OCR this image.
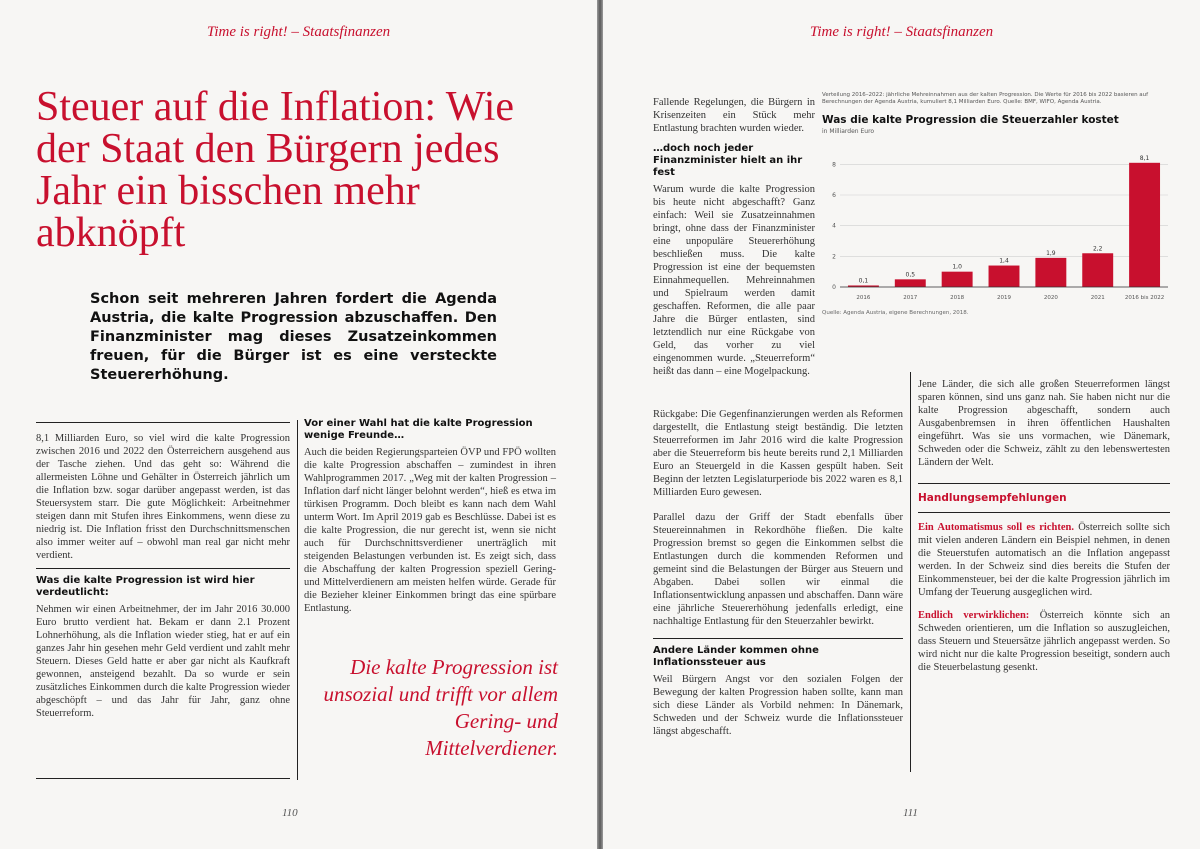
Time is right! – Staatsfinanzen
Steuer auf die Inflation: Wie der Staat den Bürgern jedes Jahr ein bisschen mehr abknöpft
Schon seit mehreren Jahren fordert die Agenda Austria, die kalte Progression abzuschaffen. Den Finanzminister mag dieses Zusatzeinkommen freuen, für die Bürger ist es eine versteckte Steuererhöhung.

8,1 Milliarden Euro, so viel wird die kalte Progression zwischen 2016 und 2022 den Österreichern ausgehend aus der Tasche ziehen. Und das geht so: Während die allermeisten Löhne und Gehälter in Österreich jährlich um die Inflation bzw. sogar darüber angepasst werden, ist das Steuersystem starr. Die gute Möglichkeit: Arbeitnehmer steigen dann mit Stufen ihres Einkommens, wenn diese zu niedrig ist. Die Inflation frisst den Durchschnittsmenschen also immer weiter auf – obwohl man real gar nicht mehr verdient.

Was die kalte Progression ist wird hier verdeutlicht:

Nehmen wir einen Arbeitnehmer, der im Jahr 2016 30.000 Euro brutto verdient hat. Bekam er dann 2.1 Prozent Lohnerhöhung, als die Inflation wieder stieg, hat er auf ein ganzes Jahr hin gesehen mehr Geld verdient und zahlt mehr Steuern. Dieses Geld hatte er aber gar nicht als Kaufkraft gewonnen, ansteigend bezahlt. Da so wurde er sein zusätzliches Einkommen durch die kalte Progression wieder abgeschöpft – und das Jahr für Jahr, ganz ohne Steuerreform.

Vor einer Wahl hat die kalte Progression wenige Freunde…

Auch die beiden Regierungsparteien ÖVP und FPÖ wollten die kalte Progression abschaffen – zumindest in ihren Wahlprogrammen 2017. „Weg mit der kalten Progression – Inflation darf nicht länger belohnt werden“, hieß es etwa im türkisen Programm. Doch bleibt es kann nach dem Wahl unterm Wort. Im April 2019 gab es Beschlüsse. Dabei ist es die kalte Progression, die nur gerecht ist, wenn sie nicht auch für Durchschnittsverdiener unerträglich mit steigenden Belastungen verbunden ist. Es zeigt sich, dass die Abschaffung der kalten Progression speziell Gering- und Mittelverdienern am meisten helfen würde. Gerade für die Bezieher kleiner Einkommen bringt das eine spürbare Entlastung.

Die kalte Progression ist unsozial und trifft vor allem Gering- und Mittelverdiener.
110
Time is right! – Staatsfinanzen

Fallende Regelungen, die Bürgern in Krisenzeiten ein Stück mehr Entlastung brachten wurden wieder.

…doch noch jeder Finanzminister hielt an ihr fest

Warum wurde die kalte Progression bis heute nicht abgeschafft? Ganz einfach: Weil sie Zusatzeinnahmen bringt, ohne dass der Finanzminister eine unpopuläre Steuererhöhung beschließen muss. Die kalte Progression ist eine der bequemsten Einnahmequellen. Mehreinnahmen und Spielraum werden damit geschaffen. Reformen, die alle paar Jahre die Bürger entlasten, sind letztendlich nur eine Rückgabe von Geld, das vorher zu viel eingenommen wurde. „Steuerreform“ heißt das dann – eine Mogelpackung.

Rückgabe: Die Gegenfinanzierungen werden als Reformen dargestellt, die Entlastung steigt beständig. Die letzten Steuerreformen im Jahr 2016 wird die kalte Progression aber die Steuerreform bis heute bereits rund 2,1 Milliarden Euro an Steuergeld in die Kassen gespült haben. Seit Beginn der letzten Legislaturperiode bis 2022 waren es 8,1 Milliarden Euro gewesen.

Parallel dazu der Griff der Stadt ebenfalls über Steuereinnahmen in Rekordhöhe fließen. Die kalte Progression bremst so gegen die Einkommen selbst die Entlastungen durch die kommenden Reformen und gemeint sind die Belastungen der Bürger aus Steuern und Abgaben. Dabei sollen wir einmal die Inflationsentwicklung anpassen und abschaffen. Dann wäre eine jährliche Steuererhöhung jedenfalls erledigt, eine nachhaltige Entlastung für den Steuerzahler bewirkt.

Andere Länder kommen ohne Inflationssteuer aus

Weil Bürgern Angst vor den sozialen Folgen der Bewegung der kalten Progression haben sollte, kann man sich diese Länder als Vorbild nehmen: In Dänemark, Schweden und der Schweiz wurde die Inflationssteuer längst abgeschafft.

Jene Länder, die sich alle großen Steuerreformen längst sparen können, sind uns ganz nah. Sie haben nicht nur die kalte Progression abgeschafft, sondern auch Ausgabenbremsen in ihren öffentlichen Haushalten eingeführt. Was sie uns vormachen, wie Dänemark, Schweden oder die Schweiz, zählt zu den lebenswertesten Ländern der Welt.

Handlungsempfehlungen

Ein Automatismus soll es richten. Österreich sollte sich mit vielen anderen Ländern ein Beispiel nehmen, in denen die Steuerstufen automatisch an die Inflation angepasst werden. In der Schweiz sind dies bereits die Stufen der Einkommensteuer, bei der die kalte Progression jährlich im Umfang der Teuerung ausgeglichen wird.

Endlich verwirklichen: Österreich könnte sich an Schweden orientieren, um die Inflation so auszugleichen, dass Steuern und Steuersätze jährlich angepasst werden. So wird nicht nur die kalte Progression beseitigt, sondern auch die Steuerbelastung gesenkt.

111
Verteilung 2016–2022: jährliche Mehreinnahmen aus der kalten Progression. Die Werte für 2016 bis 2022 basieren auf Berechnungen der Agenda Austria, kumuliert 8,1 Milliarden Euro. Quelle: BMF, WIFO, Agenda Austria.
Was die kalte Progression die Steuerzahler kostet
in Milliarden Euro
0
2
4
6
8
0,1
2016
0,5
2017
1,0
2018
1,4
2019
1,9
2020
2,2
2021
8,1
2016 bis 2022
Quelle: Agenda Austria, eigene Berechnungen, 2018.
